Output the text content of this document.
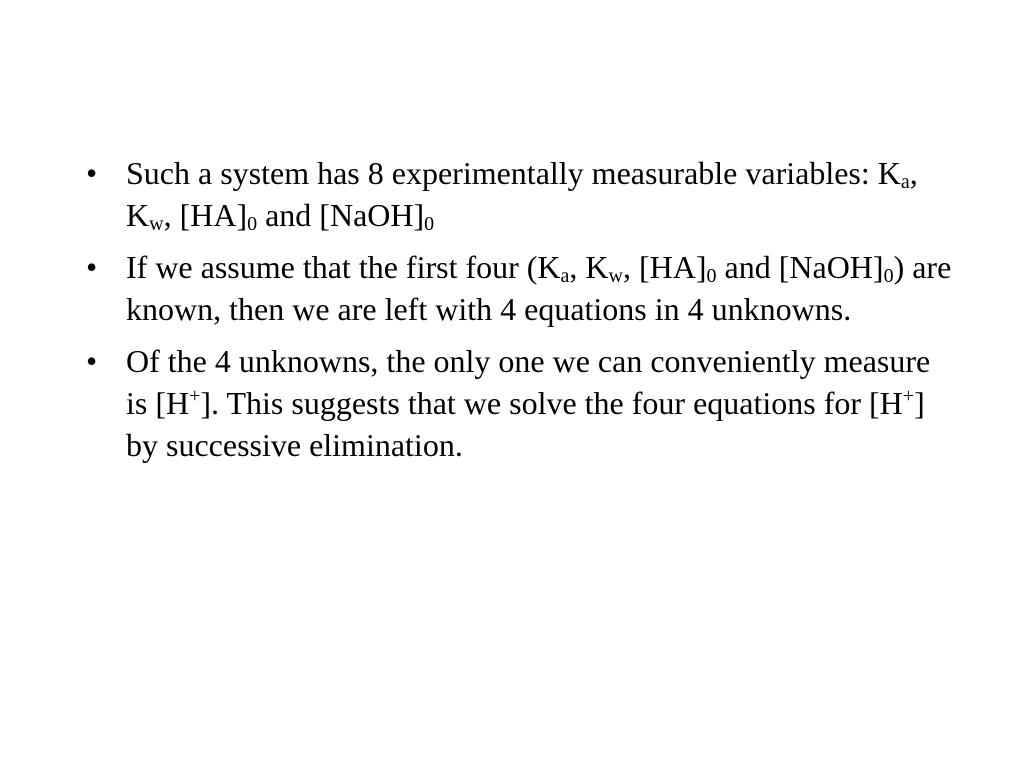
• Such a system has 8 experimentally measurable variables: $K_a$, $K_w$, $[HA]_0$ and $[NaOH]_0$
• If we assume that the first four ($K_a$, $K_w$, $[HA]_0$ and $[NaOH]_0$) are known, then we are left with 4 equations in 4 unknowns.
• Of the 4 unknowns, the only one we can conveniently measure is [H+]. This suggests that we solve the four equations for [H+] by successive elimination.
